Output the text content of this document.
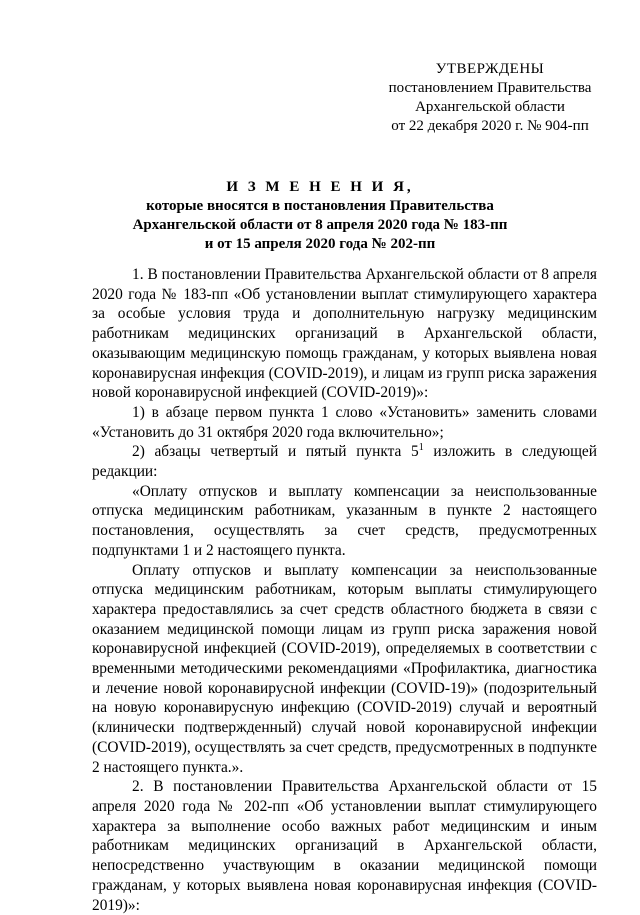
УТВЕРЖДЕНЫ
постановлением Правительства
Архангельской области
от 22 декабря 2020 г. № 904-пп
И З М Е Н Е Н И Я,
которые вносятся в постановления Правительства
Архангельской области от 8 апреля 2020 года № 183-пп
и от 15 апреля 2020 года № 202-пп

1. В постановлении Правительства Архангельской области от 8 апреля 2020 года № 183-пп «Об установлении выплат стимулирующего характера за особые условия труда и дополнительную нагрузку медицинским работникам медицинских организаций в Архангельской области, оказывающим медицинскую помощь гражданам, у которых выявлена новая коронавирусная инфекция (COVID-2019), и лицам из групп риска заражения новой коронавирусной инфекцией (COVID-2019)»:

1) в абзаце первом пункта 1 слово «Установить» заменить словами «Установить до 31 октября 2020 года включительно»;

2) абзацы четвертый и пятый пункта $5^1$ изложить в следующей редакции:

«Оплату отпусков и выплату компенсации за неиспользованные отпуска медицинским работникам, указанным в пункте 2 настоящего постановления, осуществлять за счет средств, предусмотренных подпунктами 1 и 2 настоящего пункта.

Оплату отпусков и выплату компенсации за неиспользованные отпуска медицинским работникам, которым выплаты стимулирующего характера предоставлялись за счет средств областного бюджета в связи с оказанием медицинской помощи лицам из групп риска заражения новой коронавирусной инфекцией (COVID-2019), определяемых в соответствии с временными методическими рекомендациями «Профилактика, диагностика и лечение новой коронавирусной инфекции (COVID-19)» (подозрительный на новую коронавирусную инфекцию (COVID-2019) случай и вероятный (клинически подтвержденный) случай новой коронавирусной инфекции (COVID-2019), осуществлять за счет средств, предусмотренных в подпункте 2 настоящего пункта.».

2. В постановлении Правительства Архангельской области от 15 апреля 2020 года № 202-пп «Об установлении выплат стимулирующего характера за выполнение особо важных работ медицинским и иным работникам медицинских организаций в Архангельской области, непосредственно участвующим в оказании медицинской помощи гражданам, у которых выявлена новая коронавирусная инфекция (COVID-2019)»:
